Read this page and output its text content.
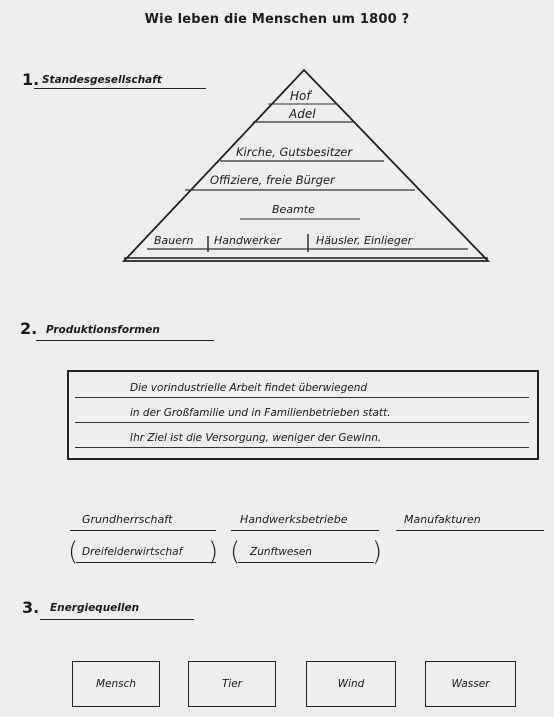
Wie leben die Menschen um 1800 ?
1. Standesgesellschaft
Hof
Adel
Kirche, Gutsbesitzer
Offiziere, freie Bürger
Beamte
Bauern Handwerker	Häusler, Einlieger
2. Produktionsformen
Die vorindustrielle Arbeit findet überwiegend
in der Großfamilie und in Familienbetrieben statt.
Ihr Ziel ist die Versorgung, weniger der Gewinn.
Grundherrschaft
( Dreifelderwirtschaf )
Handwerksbetriebe
( Zunftwesen )
Manufakturen
3. Energiequellen
Mensch	Tier	Wind	Wasser
